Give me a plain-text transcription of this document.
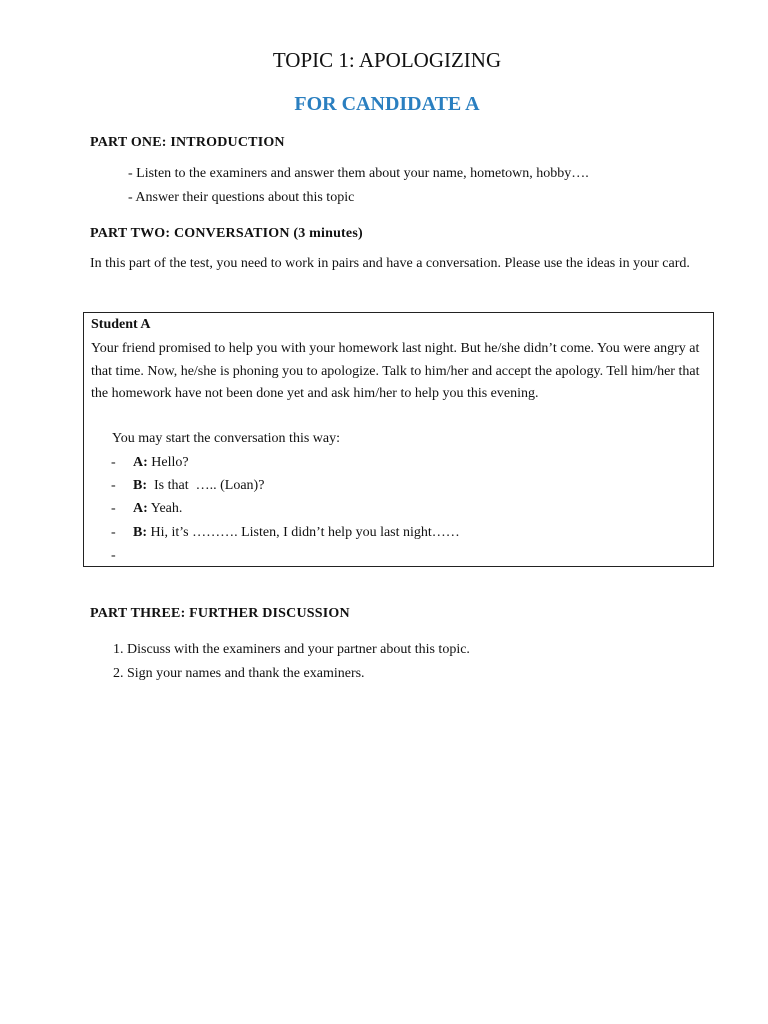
TOPIC 1: APOLOGIZING
FOR CANDIDATE A
PART ONE: INTRODUCTION
- Listen to the examiners and answer them about your name, hometown, hobby….
- Answer their questions about this topic
PART TWO: CONVERSATION (3 minutes)
In this part of the test, you need to work in pairs and have a conversation. Please use the ideas in your card.
Student A
Your friend promised to help you with your homework last night. But he/she didn’t come. You were angry at that time. Now, he/she is phoning you to apologize. Talk to him/her and accept the apology. Tell him/her that the homework have not been done yet and ask him/her to help you this evening.
You may start the conversation this way:
- A: Hello?
- B:  Is that  ….. (Loan)?
- A: Yeah.
- B: Hi, it’s ………. Listen, I didn’t help you last night……
-
PART THREE: FURTHER DISCUSSION
1. Discuss with the examiners and your partner about this topic.
2. Sign your names and thank the examiners.
